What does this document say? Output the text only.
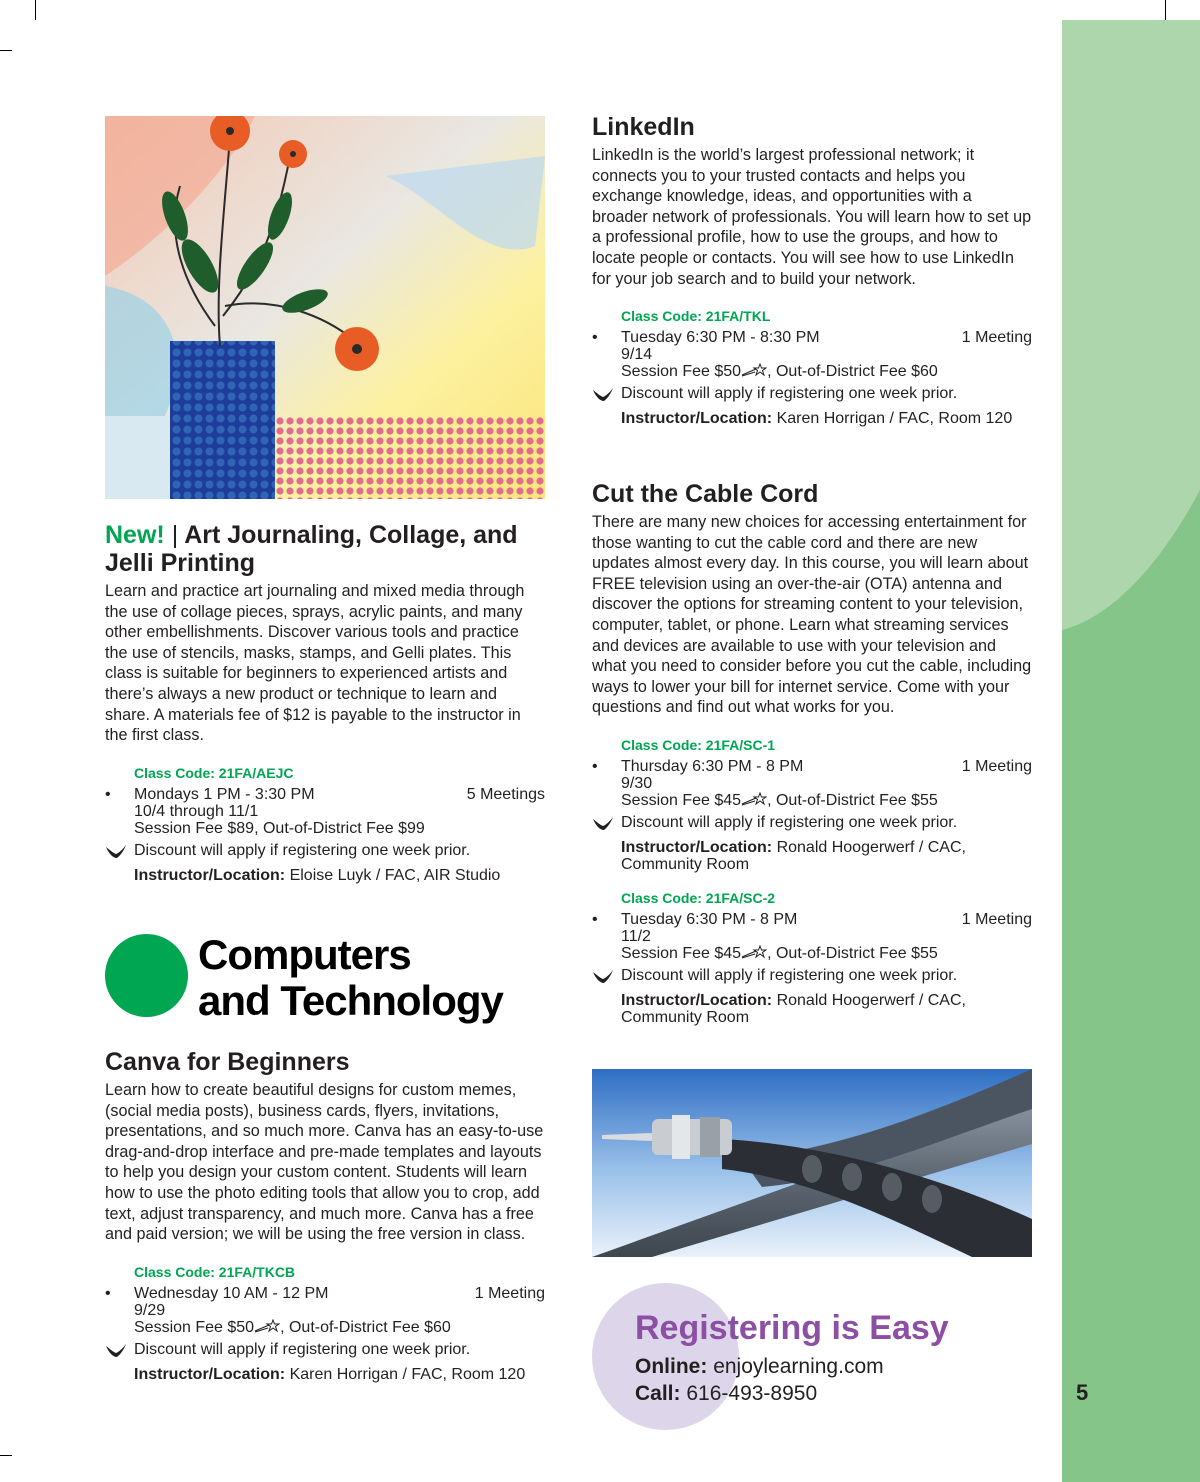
5
New! | Art Journaling, Collage, and Jelli Printing

Learn and practice art journaling and mixed media through the use of collage pieces, sprays, acrylic paints, and many other embellishments. Discover various tools and practice the use of stencils, masks, stamps, and Gelli plates. This class is suitable for beginners to experienced artists and there’s always a new product or technique to learn and share. A materials fee of $12 is payable to the instructor in the first class.

Class Code: 21FA/AEJC
• Mondays 1 PM - 3:30 PM	5 Meetings
10/4 through 11/1
Session Fee $89, Out-of-District Fee $99
Discount will apply if registering one week prior.
Instructor/Location: Eloise Luyk / FAC, AIR Studio
Computers
and Technology
Canva for Beginners

Learn how to create beautiful designs for custom memes, (social media posts), business cards, flyers, invitations, presentations, and so much more. Canva has an easy-to-use drag-and-drop interface and pre-made templates and layouts to help you design your custom content. Students will learn how to use the photo editing tools that allow you to crop, add text, adjust transparency, and much more. Canva has a free and paid version; we will be using the free version in class.

Class Code: 21FA/TKCB
• Wednesday 10 AM - 12 PM	1 Meeting
9/29
Session Fee $50 , Out-of-District Fee $60
Discount will apply if registering one week prior.
Instructor/Location: Karen Horrigan / FAC, Room 120
LinkedIn

LinkedIn is the world’s largest professional network; it connects you to your trusted contacts and helps you exchange knowledge, ideas, and opportunities with a broader network of professionals. You will learn how to set up a professional profile, how to use the groups, and how to locate people or contacts. You will see how to use LinkedIn for your job search and to build your network.

Class Code: 21FA/TKL
• Tuesday 6:30 PM - 8:30 PM	1 Meeting
9/14
Session Fee $50 , Out-of-District Fee $60
Discount will apply if registering one week prior.
Instructor/Location: Karen Horrigan / FAC, Room 120
Cut the Cable Cord

There are many new choices for accessing entertainment for those wanting to cut the cable cord and there are new updates almost every day. In this course, you will learn about FREE television using an over-the-air (OTA) antenna and discover the options for streaming content to your television, computer, tablet, or phone. Learn what streaming services and devices are available to use with your television and what you need to consider before you cut the cable, including ways to lower your bill for internet service. Come with your questions and find out what works for you.

Class Code: 21FA/SC-1
• Thursday 6:30 PM - 8 PM	1 Meeting
9/30
Session Fee $45 , Out-of-District Fee $55
Discount will apply if registering one week prior.
Instructor/Location: Ronald Hoogerwerf / CAC,
Community Room
Class Code: 21FA/SC-2
• Tuesday 6:30 PM - 8 PM	1 Meeting
11/2
Session Fee $45 , Out-of-District Fee $55
Discount will apply if registering one week prior.
Instructor/Location: Ronald Hoogerwerf / CAC,
Community Room
Registering is Easy
Online: enjoylearning.com
Call: 616-493-8950
